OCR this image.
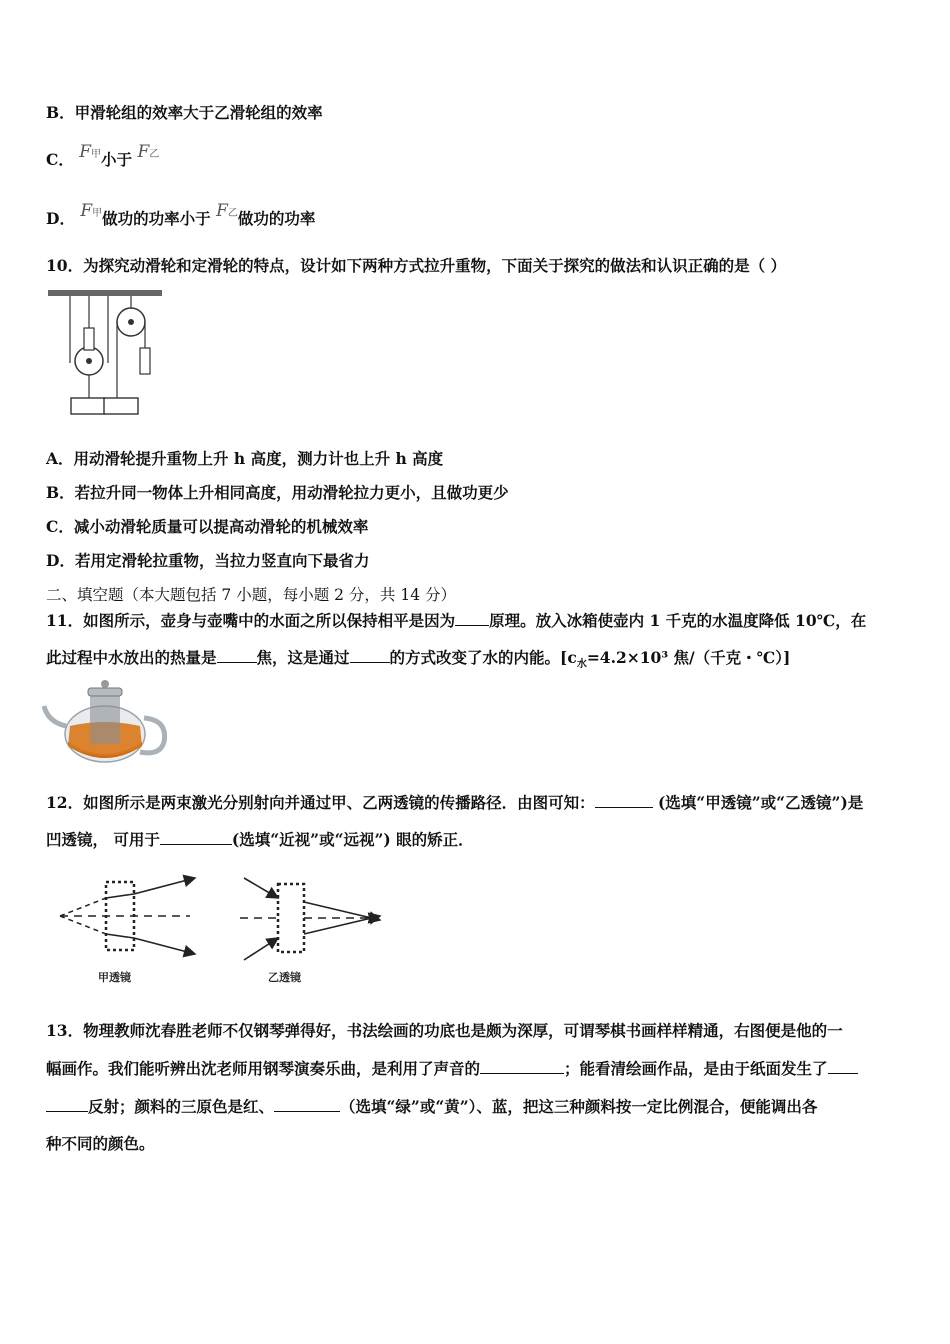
B．甲滑轮组的效率大于乙滑轮组的效率
C． F甲小于 F乙
D． F甲做功的功率小于 F乙做功的功率
10．为探究动滑轮和定滑轮的特点，设计如下两种方式拉升重物，下面关于探究的做法和认识正确的是（ ）
A．用动滑轮提升重物上升 h 高度，测力计也上升 h 高度
B．若拉升同一物体上升相同高度，用动滑轮拉力更小，且做功更少
C．减小动滑轮质量可以提高动滑轮的机械效率
D．若用定滑轮拉重物，当拉力竖直向下最省力
二、填空题（本大题包括 7 小题，每小题 2 分，共 14 分）
11．如图所示，壶身与壶嘴中的水面之所以保持相平是因为 原理。放入冰箱使壶内 1 千克的水温度降低 10℃，在
此过程中水放出的热量是	焦，这是通过	的方式改变了水的内能。[$c_水=4.2\times 10^3$ 焦/（千克・℃）]
12．如图所示是两束激光分别射向并通过甲、乙两透镜的传播路径．由图可知：	(选填“甲透镜”或“乙透镜”)是
凹透镜， 可用于	(选填“近视”或“远视”) 眼的矫正．
甲透镜	乙透镜
13．物理教师沈春胜老师不仅钢琴弹得好，书法绘画的功底也是颇为深厚，可谓琴棋书画样样精通，右图便是他的一
幅画作。我们能听辨出沈老师用钢琴演奏乐曲，是利用了声音的	；能看清绘画作品，是由于纸面发生了
反射；颜料的三原色是红、	（选填“绿”或“黄”）、蓝，把这三种颜料按一定比例混合，便能调出各
种不同的颜色。
